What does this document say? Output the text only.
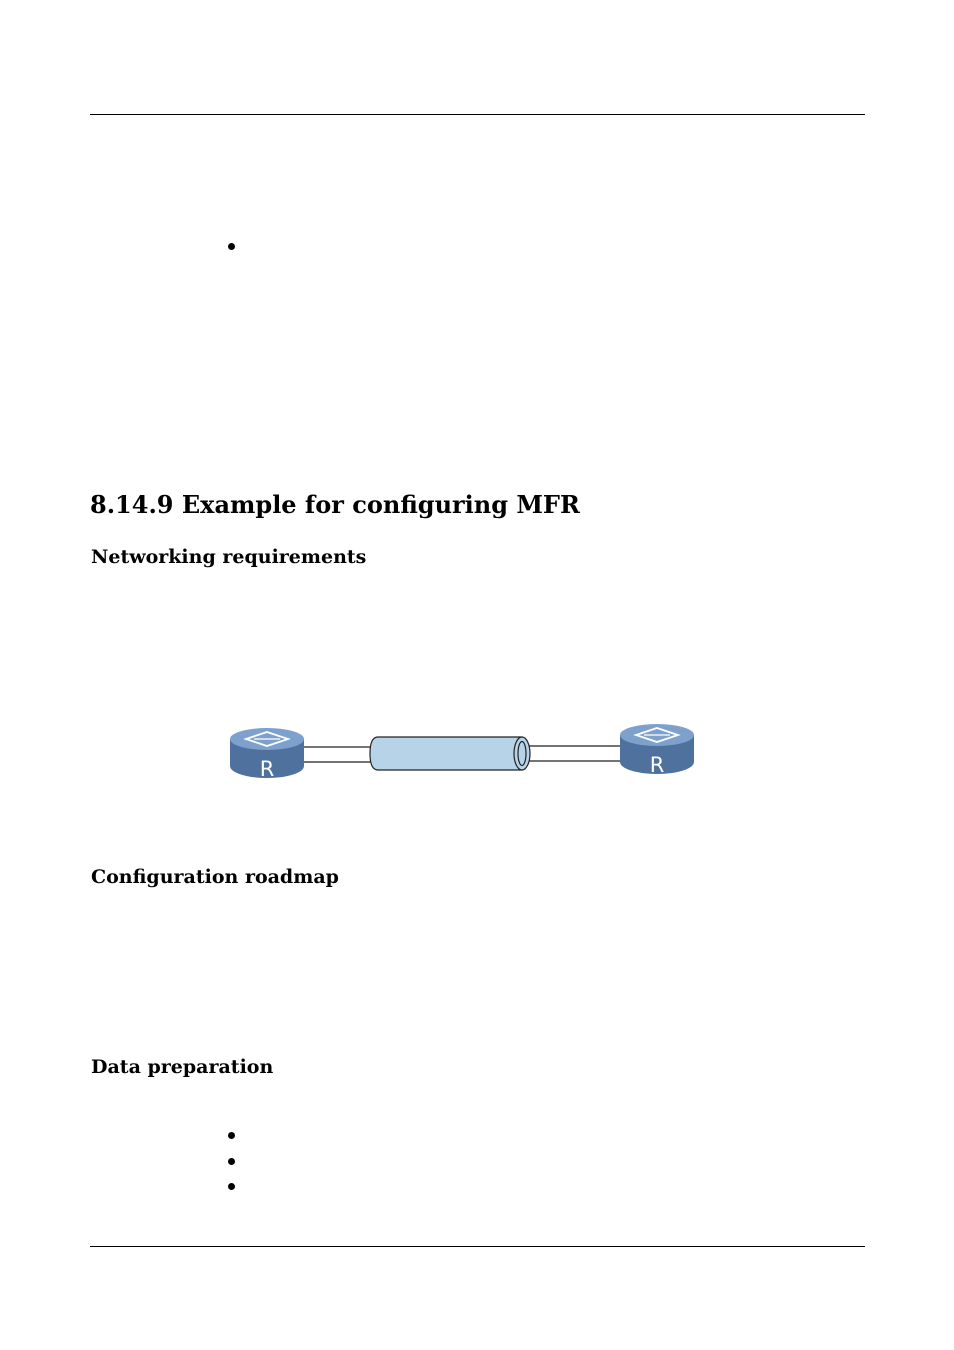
8.14.9 Example for configuring MFR
Networking requirements
R	R
Configuration roadmap
Data preparation
